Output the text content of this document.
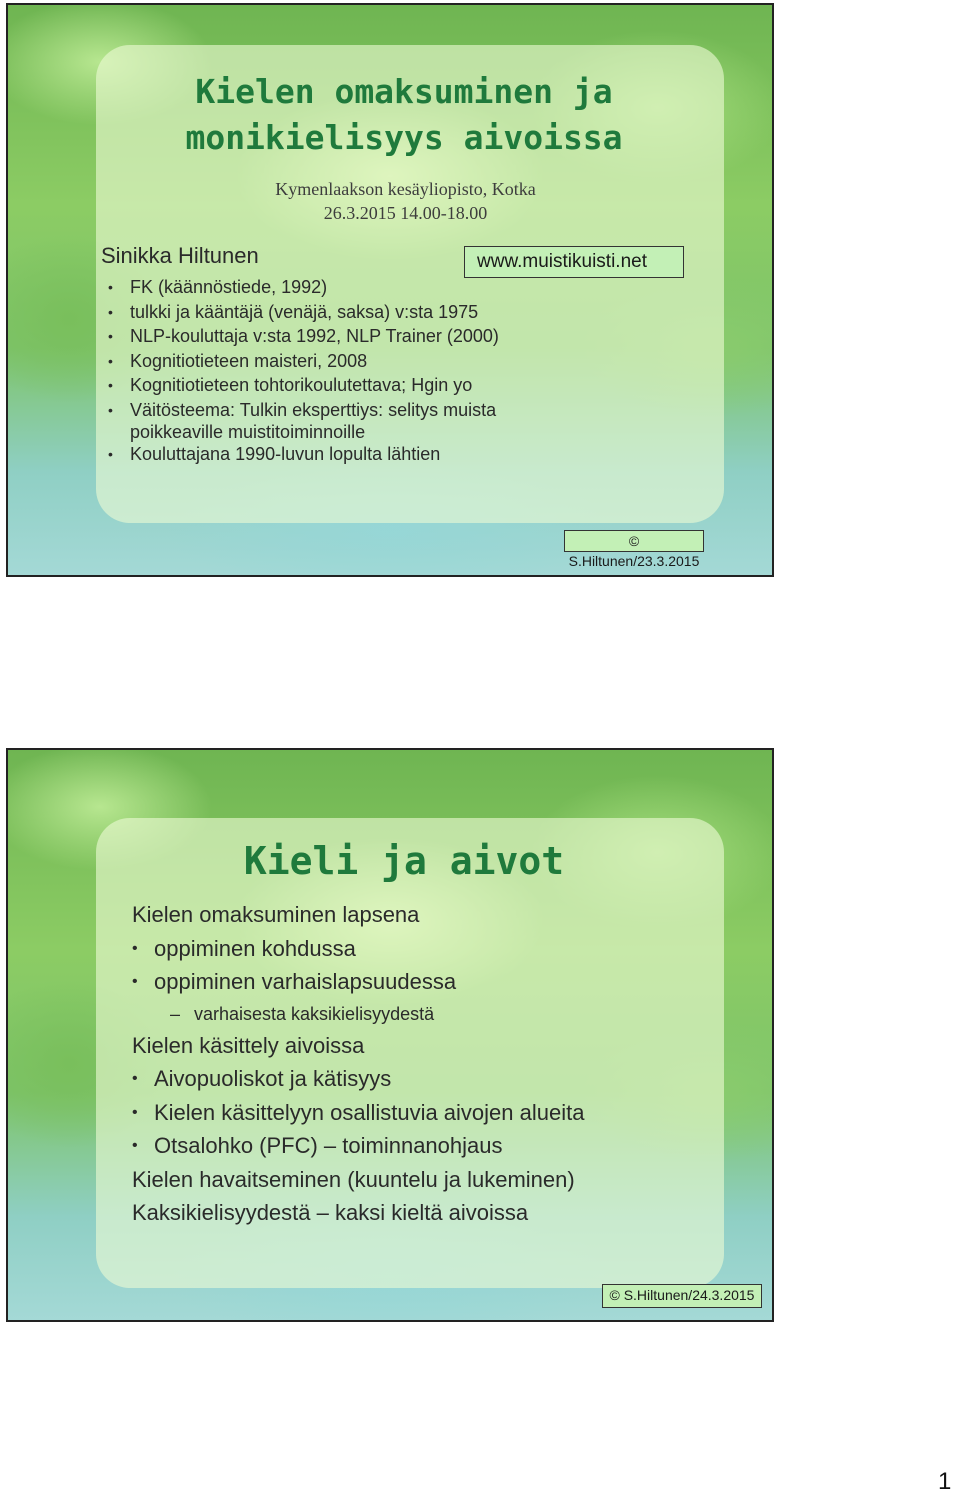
Kielen omaksuminen ja
monikielisyys aivoissa
Kymenlaakson kesäyliopisto, Kotka
26.3.2015 14.00-18.00
Sinikka Hiltunen	www.muistikuisti.net
• FK (käännöstiede, 1992)
• tulkki ja kääntäjä (venäjä, saksa) v:sta 1975
• NLP-kouluttaja v:sta 1992, NLP Trainer (2000)
• Kognitiotieteen maisteri, 2008
• Kognitiotieteen tohtorikoulutettava; Hgin yo
• Väitösteema: Tulkin eksperttiys: selitys muista
poikkeaville muistitoiminnoille
• Kouluttajana 1990-luvun lopulta lähtien
© S.Hiltunen/23.3.2015
Kieli ja aivot
Kielen omaksuminen lapsena
• oppiminen kohdussa
• oppiminen varhaislapsuudessa
– varhaisesta kaksikielisyydestä
Kielen käsittely aivoissa
• Aivopuoliskot ja kätisyys
• Kielen käsittelyyn osallistuvia aivojen alueita
• Otsalohko (PFC) – toiminnanohjaus
Kielen havaitseminen (kuuntelu ja lukeminen)
Kaksikielisyydestä – kaksi kieltä aivoissa
© S.Hiltunen/24.3.2015
1
